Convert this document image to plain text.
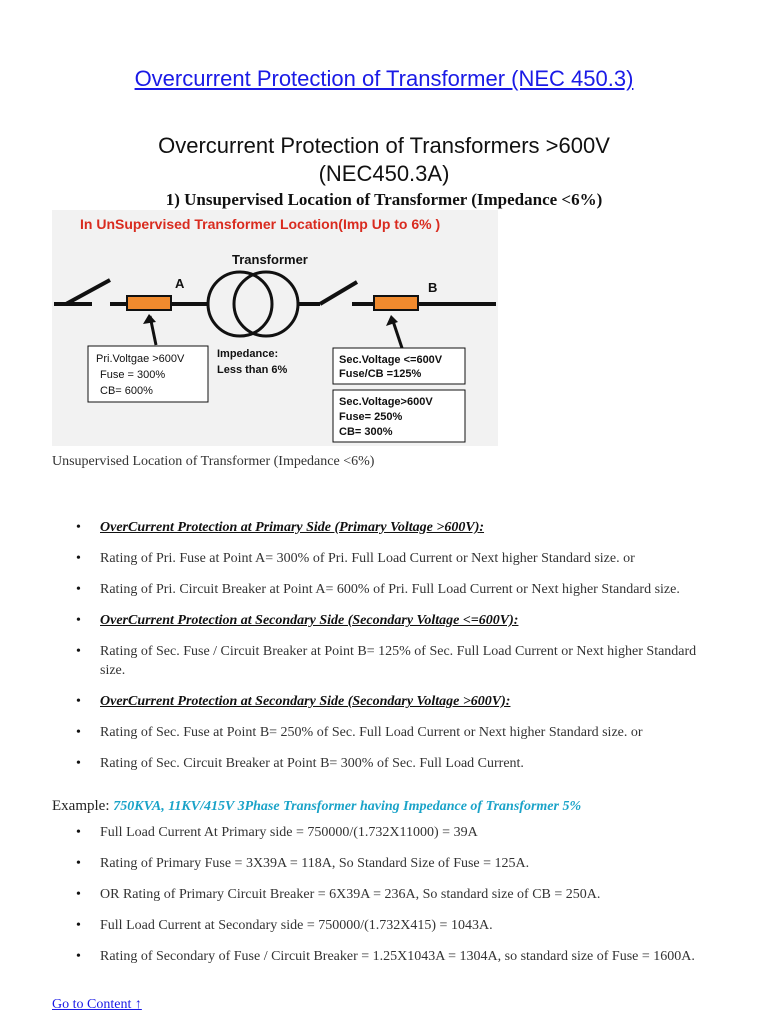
Overcurrent Protection of Transformer (NEC 450.3)
Overcurrent Protection of Transformers >600V
(NEC450.3A)
1) Unsupervised Location of Transformer (Impedance <6%)
In UnSupervised Transformer Location(Imp Up to 6% )
Transformer
A	B
Pri.Voltgae >600V
Fuse = 300%
CB= 600%
Impedance:
Less than 6%
Sec.Voltage <=600V
Fuse/CB =125%
Sec.Voltage>600V
Fuse= 250%
CB= 300%
Unsupervised Location of Transformer (Impedance <6%)
• OverCurrent Protection at Primary Side (Primary Voltage >600V):
• Rating of Pri. Fuse at Point A= 300% of Pri. Full Load Current or Next higher Standard size. or
• Rating of Pri. Circuit Breaker at Point A= 600% of Pri. Full Load Current or Next higher Standard size.
• OverCurrent Protection at Secondary Side (Secondary Voltage <=600V):
• Rating of Sec. Fuse / Circuit Breaker at Point B= 125% of Sec. Full Load Current or Next higher Standard size.
• OverCurrent Protection at Secondary Side (Secondary Voltage >600V):
• Rating of Sec. Fuse at Point B= 250% of Sec. Full Load Current or Next higher Standard size. or
• Rating of Sec. Circuit Breaker at Point B= 300% of Sec. Full Load Current.
Example: 750KVA, 11KV/415V 3Phase Transformer having Impedance of Transformer 5%
• Full Load Current At Primary side = 750000/(1.732X11000) = 39A
• Rating of Primary Fuse = 3X39A = 118A, So Standard Size of Fuse = 125A.
• OR Rating of Primary Circuit Breaker = 6X39A = 236A, So standard size of CB = 250A.
• Full Load Current at Secondary side = 750000/(1.732X415) = 1043A.
• Rating of Secondary of Fuse / Circuit Breaker = 1.25X1043A = 1304A, so standard size of Fuse = 1600A.
Go to Content ↑
